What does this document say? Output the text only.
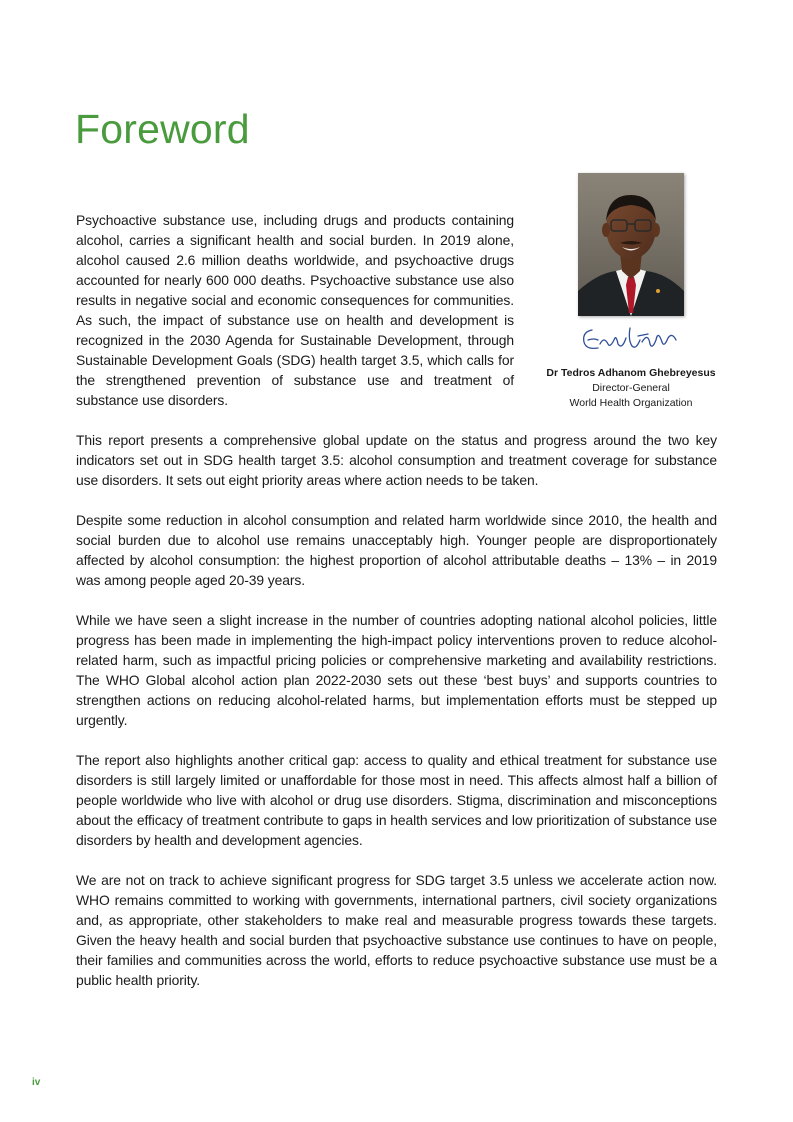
Foreword

Psychoactive substance use, including drugs and products containing alcohol, carries a significant health and social burden. In 2019 alone, alcohol caused 2.6 million deaths worldwide, and psychoactive drugs accounted for nearly 600 000 deaths. Psychoactive substance use also results in negative social and economic consequences for communities. As such, the impact of substance use on health and development is recognized in the 2030 Agenda for Sustainable Development, through Sustainable Development Goals (SDG) health target 3.5, which calls for the strengthened prevention of substance use and treatment of substance use disorders.

Dr Tedros Adhanom Ghebreyesus
Director-General
World Health Organization

This report presents a comprehensive global update on the status and progress around the two key indicators set out in SDG health target 3.5: alcohol consumption and treatment coverage for substance use disorders. It sets out eight priority areas where action needs to be taken.

Despite some reduction in alcohol consumption and related harm worldwide since 2010, the health and social burden due to alcohol use remains unacceptably high. Younger people are disproportionately affected by alcohol consumption: the highest proportion of alcohol attributable deaths – 13% – in 2019 was among people aged 20-39 years.

While we have seen a slight increase in the number of countries adopting national alcohol policies, little progress has been made in implementing the high-impact policy interventions proven to reduce alcohol-related harm, such as impactful pricing policies or comprehensive marketing and availability restrictions. The WHO Global alcohol action plan 2022-2030 sets out these ‘best buys’ and supports countries to strengthen actions on reducing alcohol-related harms, but implementation efforts must be stepped up urgently.

The report also highlights another critical gap: access to quality and ethical treatment for substance use disorders is still largely limited or unaffordable for those most in need. This affects almost half a billion of people worldwide who live with alcohol or drug use disorders. Stigma, discrimination and misconceptions about the efficacy of treatment contribute to gaps in health services and low prioritization of substance use disorders by health and development agencies.

We are not on track to achieve significant progress for SDG target 3.5 unless we accelerate action now. WHO remains committed to working with governments, international partners, civil society organizations and, as appropriate, other stakeholders to make real and measurable progress towards these targets. Given the heavy health and social burden that psychoactive substance use continues to have on people, their families and communities across the world, efforts to reduce psychoactive substance use must be a public health priority.

iv
